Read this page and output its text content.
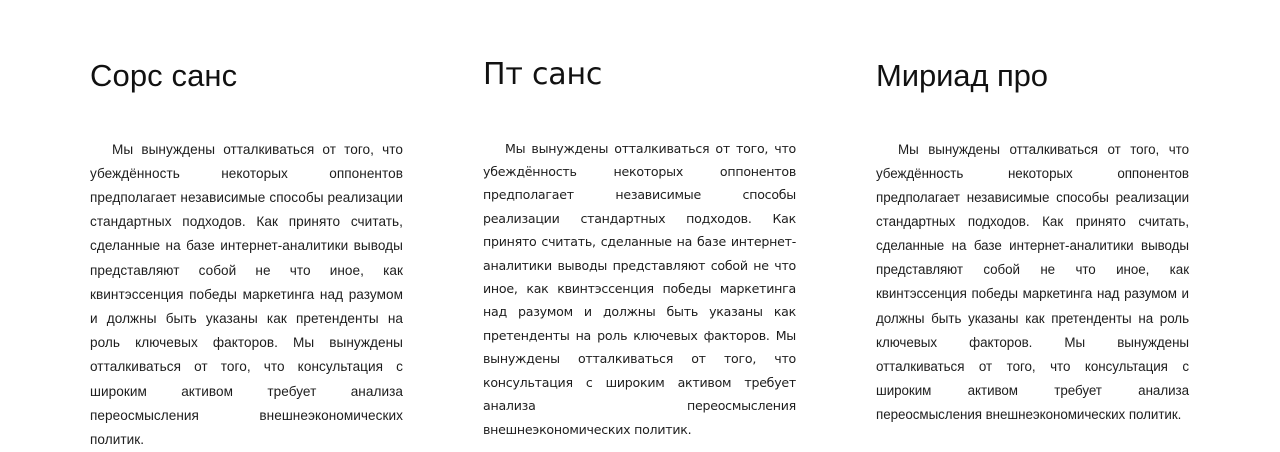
Сорс санс

Мы вынуждены отталкиваться от того, что убеждённость некоторых оппонентов предполагает независимые способы реализации стандартных подходов. Как принято считать, сделанные на базе интернет-аналитики выводы представляют собой не что иное, как квинтэссенция победы маркетинга над разумом и должны быть указаны как претенденты на роль ключевых факторов. Мы вынуждены отталкиваться от того, что консультация с широким активом требует анализа переосмысления внешнеэкономических политик.

Пт санс

Мы вынуждены отталкиваться от того, что убеждённость некоторых оппонентов предполагает независимые способы реализации стандартных подходов. Как принято считать, сделанные на базе интернет-аналитики выводы представляют собой не что иное, как квинтэссенция победы маркетинга над разумом и должны быть указаны как претенденты на роль ключевых факторов. Мы вынуждены отталкиваться от того, что консультация с широким активом требует анализа переосмысления внешнеэкономических политик.

Мириад про

Мы вынуждены отталкиваться от того, что убеждённость некоторых оппонентов предполагает независимые способы реализации стандартных подходов. Как принято считать, сделанные на базе интернет-аналитики выводы представляют собой не что иное, как квинтэссенция победы маркетинга над разумом и должны быть указаны как претенденты на роль ключевых факторов. Мы вынуждены отталкиваться от того, что консультация с широким активом требует анализа переосмысления внешнеэкономических политик.
